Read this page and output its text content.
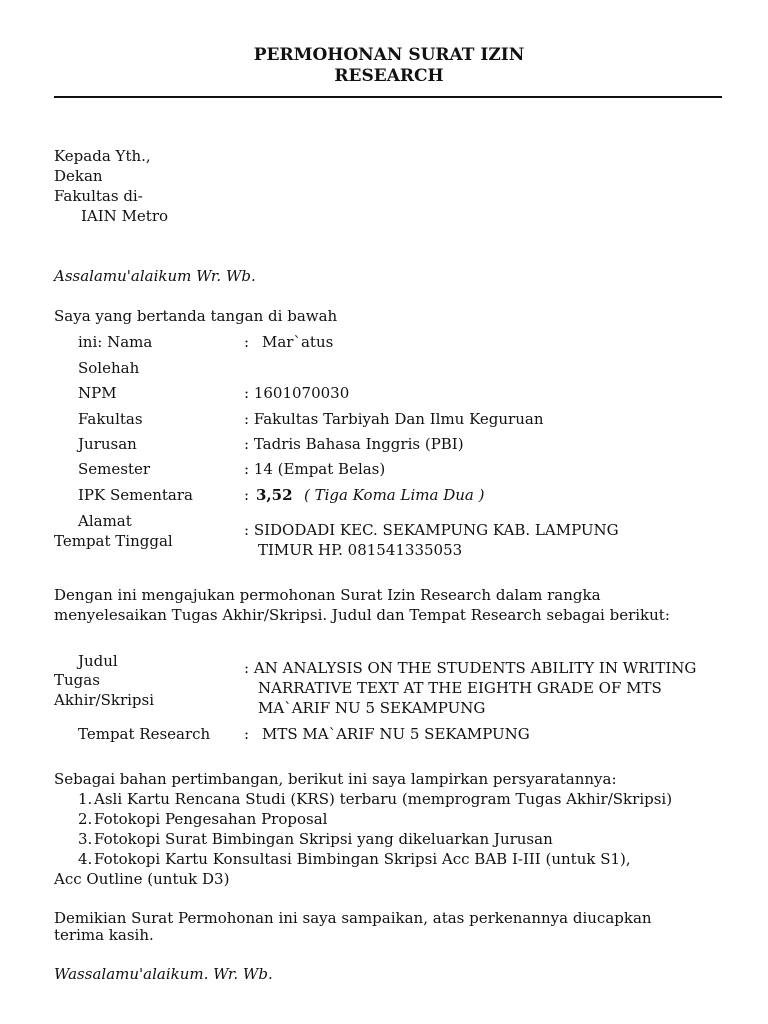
PERMOHONAN SURAT IZIN
RESEARCH
Kepada Yth.,
Dekan
Fakultas di-
IAIN Metro
Assalamu'alaikum Wr. Wb.
Saya yang bertanda tangan di bawah
ini: Nama	: Mar`atus
Solehah
NPM	: 1601070030
Fakultas	: Fakultas Tarbiyah Dan Ilmu Keguruan
Jurusan	: Tadris Bahasa Inggris (PBI)
Semester	: 14 (Empat Belas)
IPK Sementara	: 3,52 ( Tiga Koma Lima Dua )
Alamat
Tempat Tinggal
: SIDODADI KEC. SEKAMPUNG KAB. LAMPUNG
TIMUR HP. 081541335053
Dengan ini mengajukan permohonan Surat Izin Research dalam rangka
menyelesaikan Tugas Akhir/Skripsi. Judul dan Tempat Research sebagai berikut:
Judul
Tugas
Akhir/Skripsi
: AN ANALYSIS ON THE STUDENTS ABILITY IN WRITING
NARRATIVE TEXT AT THE EIGHTH GRADE OF MTS
MA`ARIF NU 5 SEKAMPUNG
Tempat Research : MTS MA`ARIF NU 5 SEKAMPUNG
Sebagai bahan pertimbangan, berikut ini saya lampirkan persyaratannya:
1. Asli Kartu Rencana Studi (KRS) terbaru (memprogram Tugas Akhir/Skripsi)
2. Fotokopi Pengesahan Proposal
3. Fotokopi Surat Bimbingan Skripsi yang dikeluarkan Jurusan
4. Fotokopi Kartu Konsultasi Bimbingan Skripsi Acc BAB I-III (untuk S1),
Acc Outline (untuk D3)
Demikian Surat Permohonan ini saya sampaikan, atas perkenannya diucapkan
terima kasih.
Wassalamu'alaikum. Wr. Wb.
